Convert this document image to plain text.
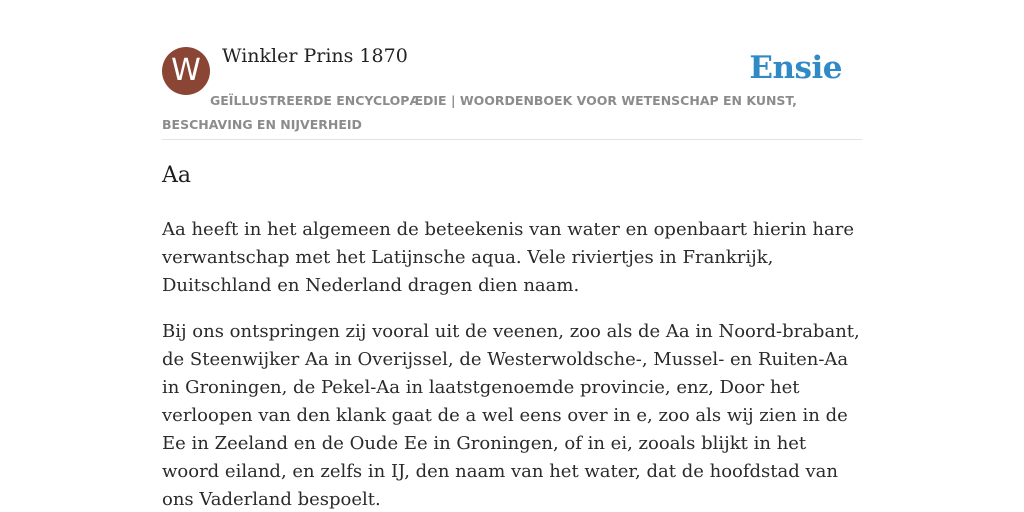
W	Winkler Prins 1870	Ensie
GEÏLLUSTREERDE ENCYCLOPÆDIE | WOORDENBOEK VOOR WETENSCHAP EN KUNST, BESCHAVING EN NIJVERHEID
Aa

Aa heeft in het algemeen de beteekenis van water en openbaart hierin hare verwantschap met het Latijnsche aqua. Vele riviertjes in Frankrijk, Duitschland en Nederland dragen dien naam.

Bij ons ontspringen zij vooral uit de veenen, zoo als de Aa in Noord-brabant, de Steenwijker Aa in Overijssel, de Westerwoldsche-, Mussel- en Ruiten-Aa in Groningen, de Pekel-Aa in laatstgenoemde provincie, enz, Door het verloopen van den klank gaat de a wel eens over in e, zoo als wij zien in de Ee in Zeeland en de Oude Ee in Groningen, of in ei, zooals blijkt in het woord eiland, en zelfs in IJ, den naam van het water, dat de hoofdstad van ons Vaderland bespoelt.
